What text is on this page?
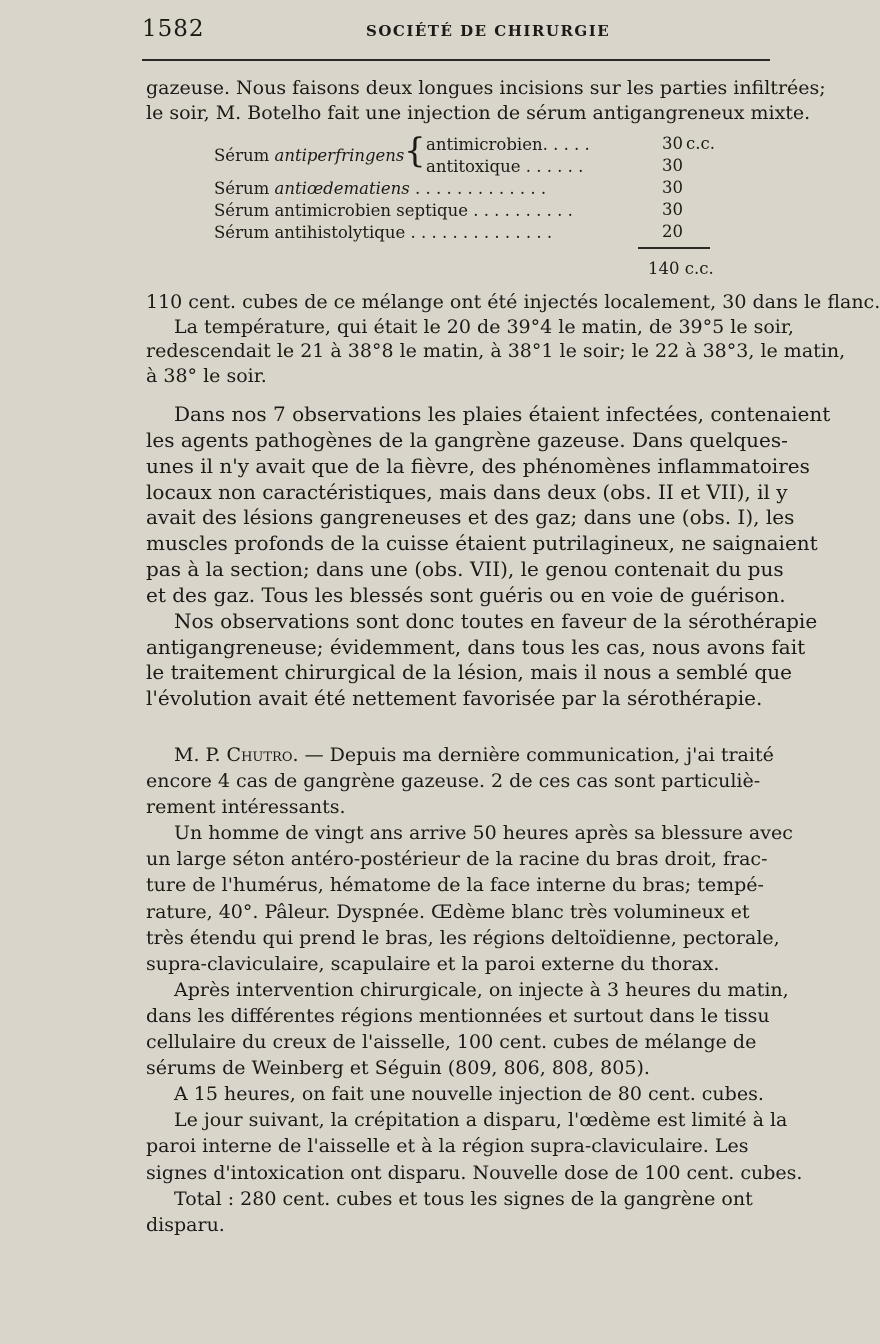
1582	SOCIÉTÉ DE CHIRURGIE
gazeuse. Nous faisons deux longues incisions sur les parties infiltrées;
le soir, M. Botelho fait une injection de sérum antigangreneux mixte.
Sérum antiperfringens { antimicrobien. . . . .
antitoxique . . . . . .
Sérum antiœdematiens . . . . . . . . . . . . .
Sérum antimicrobien septique . . . . . . . . . .
Sérum antihistolytique . . . . . . . . . . . . . .
30 c.c.
30
30
30
20
140 c.c.
110 cent. cubes de ce mélange ont été injectés localement, 30 dans le flanc.
La température, qui était le 20 de 39°4 le matin, de 39°5 le soir,
redescendait le 21 à 38°8 le matin, à 38°1 le soir; le 22 à 38°3, le matin,
à 38° le soir.
Dans nos 7 observations les plaies étaient infectées, contenaient
les agents pathogènes de la gangrène gazeuse. Dans quelques-
unes il n'y avait que de la fièvre, des phénomènes inflammatoires
locaux non caractéristiques, mais dans deux (obs. II et VII), il y
avait des lésions gangreneuses et des gaz; dans une (obs. I), les
muscles profonds de la cuisse étaient putrilagineux, ne saignaient
pas à la section; dans une (obs. VII), le genou contenait du pus
et des gaz. Tous les blessés sont guéris ou en voie de guérison.
Nos observations sont donc toutes en faveur de la sérothérapie
antigangreneuse; évidemment, dans tous les cas, nous avons fait
le traitement chirurgical de la lésion, mais il nous a semblé que
l'évolution avait été nettement favorisée par la sérothérapie.
M. P. Chutro. — Depuis ma dernière communication, j'ai traité
encore 4 cas de gangrène gazeuse. 2 de ces cas sont particuliè-
rement intéressants.
Un homme de vingt ans arrive 50 heures après sa blessure avec
un large séton antéro-postérieur de la racine du bras droit, frac-
ture de l'humérus, hématome de la face interne du bras; tempé-
rature, 40°. Pâleur. Dyspnée. Œdème blanc très volumineux et
très étendu qui prend le bras, les régions deltoïdienne, pectorale,
supra-claviculaire, scapulaire et la paroi externe du thorax.
Après intervention chirurgicale, on injecte à 3 heures du matin,
dans les différentes régions mentionnées et surtout dans le tissu
cellulaire du creux de l'aisselle, 100 cent. cubes de mélange de
sérums de Weinberg et Séguin (809, 806, 808, 805).
A 15 heures, on fait une nouvelle injection de 80 cent. cubes.
Le jour suivant, la crépitation a disparu, l'œdème est limité à la
paroi interne de l'aisselle et à la région supra-claviculaire. Les
signes d'intoxication ont disparu. Nouvelle dose de 100 cent. cubes.
Total : 280 cent. cubes et tous les signes de la gangrène ont
disparu.
